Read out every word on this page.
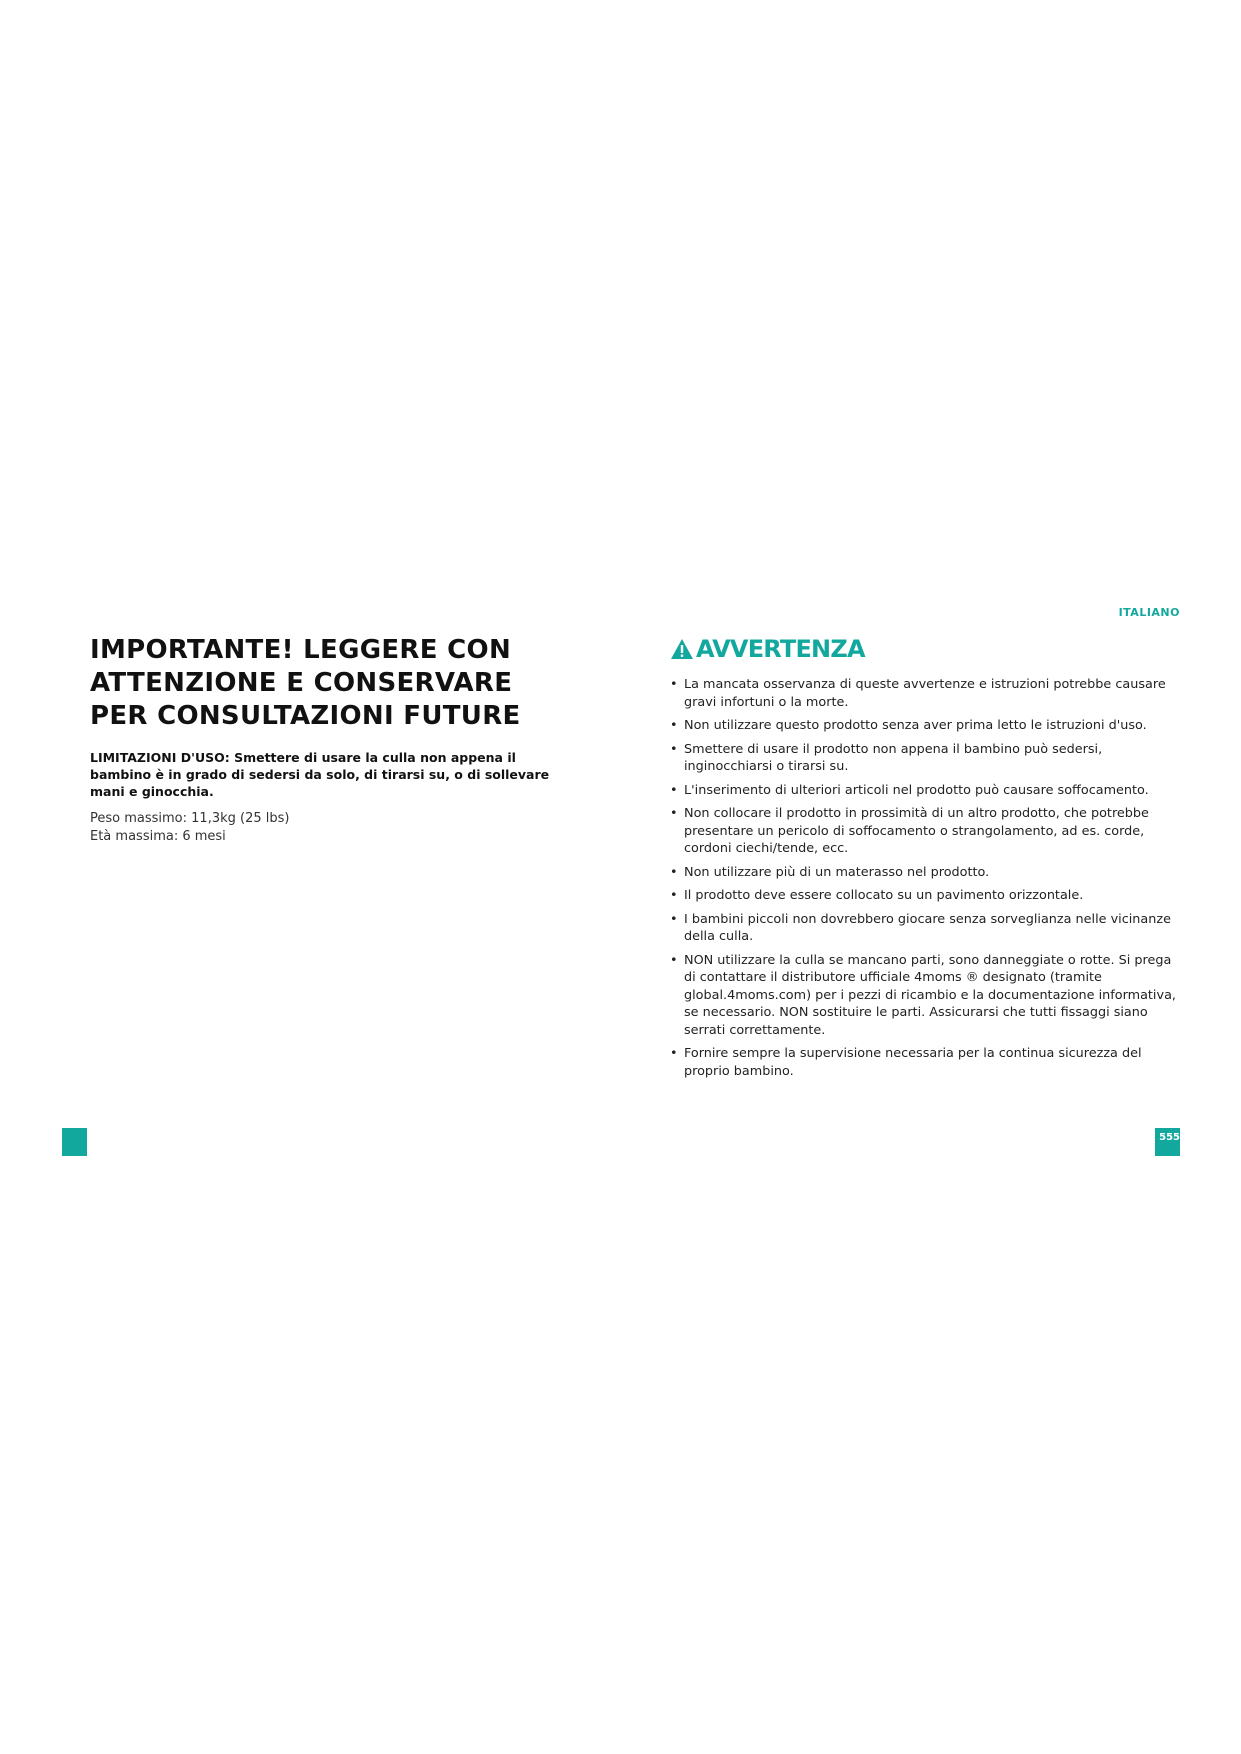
ITALIANO
IMPORTANTE! LEGGERE CON
ATTENZIONE E CONSERVARE
PER CONSULTAZIONI FUTURE

LIMITAZIONI D'USO: Smettere di usare la culla non appena il bambino è in grado di sedersi da solo, di tirarsi su, o di sollevare mani e ginocchia.

Peso massimo: 11,3kg (25 lbs)
Età massima: 6 mesi
AVVERTENZA
• La mancata osservanza di queste avvertenze e istruzioni potrebbe causare gravi infortuni o la morte.
• Non utilizzare questo prodotto senza aver prima letto le istruzioni d'uso.
• Smettere di usare il prodotto non appena il bambino può sedersi, inginocchiarsi o tirarsi su.
• L'inserimento di ulteriori articoli nel prodotto può causare soffocamento.
• Non collocare il prodotto in prossimità di un altro prodotto, che potrebbe presentare un pericolo di soffocamento o strangolamento, ad es. corde, cordoni ciechi/tende, ecc.
• Non utilizzare più di un materasso nel prodotto.
• Il prodotto deve essere collocato su un pavimento orizzontale.
• I bambini piccoli non dovrebbero giocare senza sorveglianza nelle vicinanze della culla.
• NON utilizzare la culla se mancano parti, sono danneggiate o rotte. Si prega di contattare il distributore ufficiale 4moms ® designato (tramite global.4moms.com) per i pezzi di ricambio e la documentazione informativa, se necessario. NON sostituire le parti. Assicurarsi che tutti fissaggi siano serrati correttamente.
• Fornire sempre la supervisione necessaria per la continua sicurezza del proprio bambino.
555
